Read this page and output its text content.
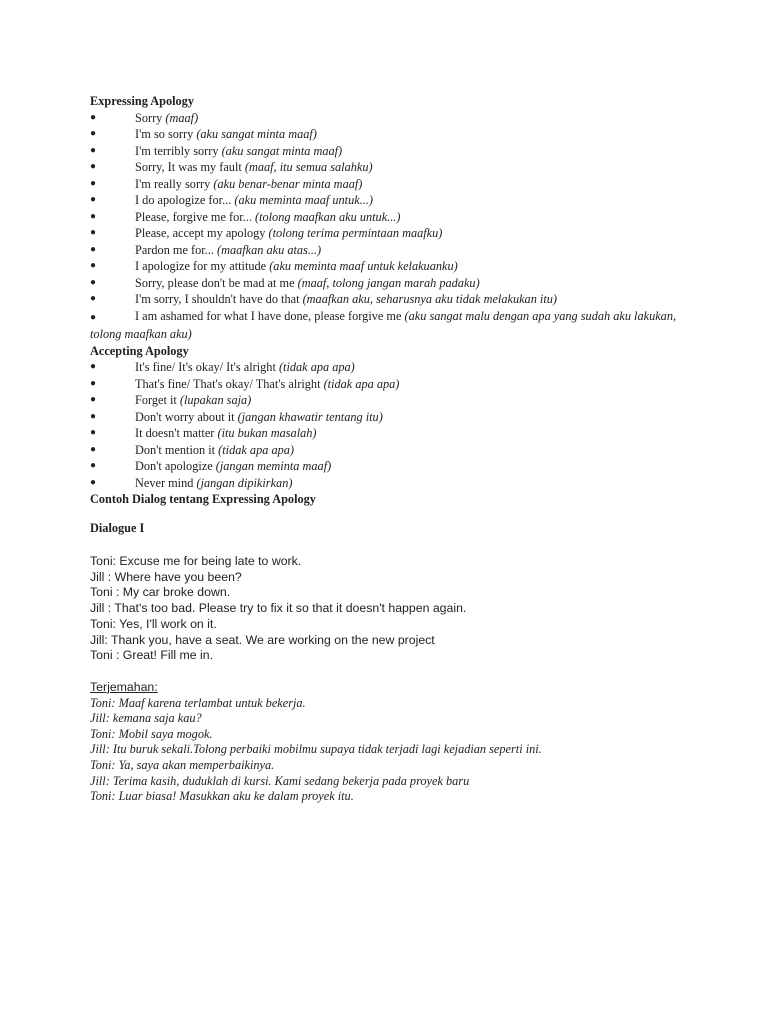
Expressing Apology
●	Sorry (maaf)
●	I'm so sorry (aku sangat minta maaf)
●	I'm terribly sorry (aku sangat minta maaf)
●	Sorry, It was my fault (maaf, itu semua salahku)
●	I'm really sorry (aku benar-benar minta maaf)
●	I do apologize for... (aku meminta maaf untuk...)
●	Please, forgive me for... (tolong maafkan aku untuk...)
●	Please, accept my apology (tolong terima permintaan maafku)
●	Pardon me for... (maafkan aku atas...)
●	I apologize for my attitude (aku meminta maaf untuk kelakuanku)
●	Sorry, please don't be mad at me (maaf, tolong jangan marah padaku)
●	I'm sorry, I shouldn't have do that (maafkan aku, seharusnya aku tidak melakukan itu)
●	I am ashamed for what I have done, please forgive me (aku sangat malu dengan apa yang sudah aku lakukan, tolong maafkan aku)
Accepting Apology
●	It's fine/ It's okay/ It's alright (tidak apa apa)
●	That's fine/ That's okay/ That's alright (tidak apa apa)
●	Forget it (lupakan saja)
●	Don't worry about it (jangan khawatir tentang itu)
●	It doesn't matter (itu bukan masalah)
●	Don't mention it (tidak apa apa)
●	Don't apologize (jangan meminta maaf)
●	Never mind (jangan dipikirkan)
Contoh Dialog tentang Expressing Apology
Dialogue I
Toni: Excuse me for being late to work.
Jill : Where have you been?
Toni : My car broke down.
Jill : That's too bad. Please try to fix it so that it doesn't happen again.
Toni: Yes, I'll work on it.
Jill: Thank you, have a seat. We are working on the new project
Toni : Great! Fill me in.
Terjemahan:
Toni: Maaf karena terlambat untuk bekerja.
Jill: kemana saja kau?
Toni: Mobil saya mogok.
Jill: Itu buruk sekali.Tolong perbaiki mobilmu supaya tidak terjadi lagi kejadian seperti ini.
Toni: Ya, saya akan memperbaikinya.
Jill: Terima kasih, duduklah di kursi. Kami sedang bekerja pada proyek baru
Toni: Luar biasa! Masukkan aku ke dalam proyek itu.
